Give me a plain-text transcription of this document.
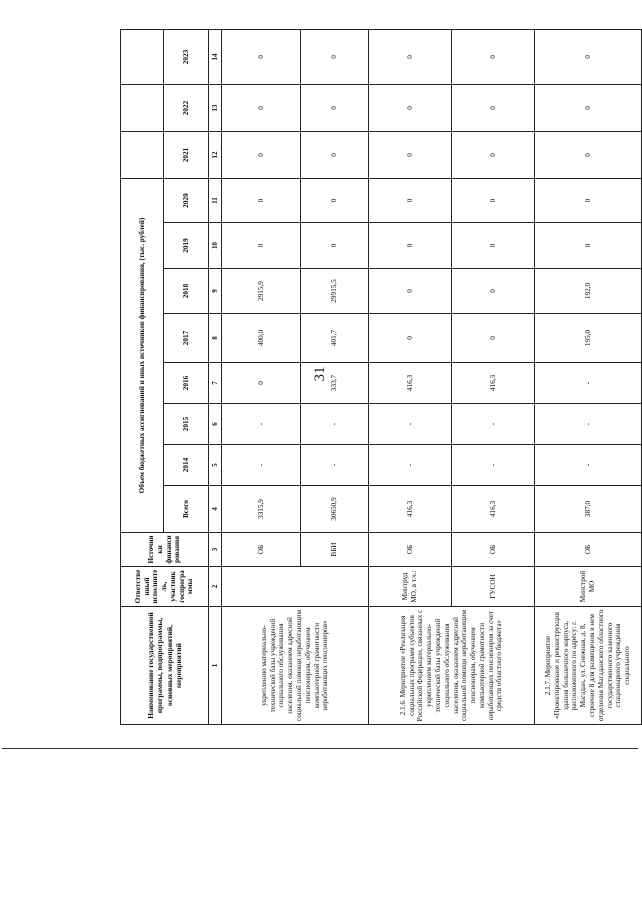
31
Наименование государственной программы, подпрограммы, основных мероприятий, мероприятий	Ответственный исполнитель, участник госпрограммы	Источники финансирования	Объем бюджетных ассигнований и иных источников финансирования, (тыс. рублей)										
			Всего	2014	2015	2016	2017	2018	2019	2020	2021	2022	2023
1	2	3	4	5	6	7	8	9	10	11	12	13	14
укреплению материально-технической базы учреждений социального обслуживания населения, оказанием адресной социальной помощи неработающим пенсионерам, обучением компьютерной грамотности неработающих пенсионеров»		ОБ	3315,9	-	-	0	400,0	2915,9	0	0	0	0	0
		ВБИ	30650,9	-	-	333,7	401,7	29915,5	0	0	0	0	0
2.1.6. Мероприятие «Реализация социальных программ субъектов Российской Федерации, связанных с укреплением материально-технической базы учреждений социального обслуживания населения, оказанием адресной социальной помощи неработающим пенсионерам, обучением компьютерной грамотности неработающих пенсионеров за счет средств областного бюджета»	Минтруд МО, в т.ч.:	ОБ	416,3	-	-	416,3	0	0	0	0	0	0	0
	ГУСОН	ОБ	416,3	-	-	416,3	0	0	0	0	0	0	0
2.1.7. Мероприятие «Проектирование и реконструкция здания больничного корпуса, расположенного по адресу: г. Магадан, ул. Снежная, д. 8, строение 8 для размещения в нем отделения Магаданского областного государственного казенного стационарного учреждения социального	Минстрой МО	ОБ	387,0	-	-	-	195,0	192,0	0	0	0	0	0
